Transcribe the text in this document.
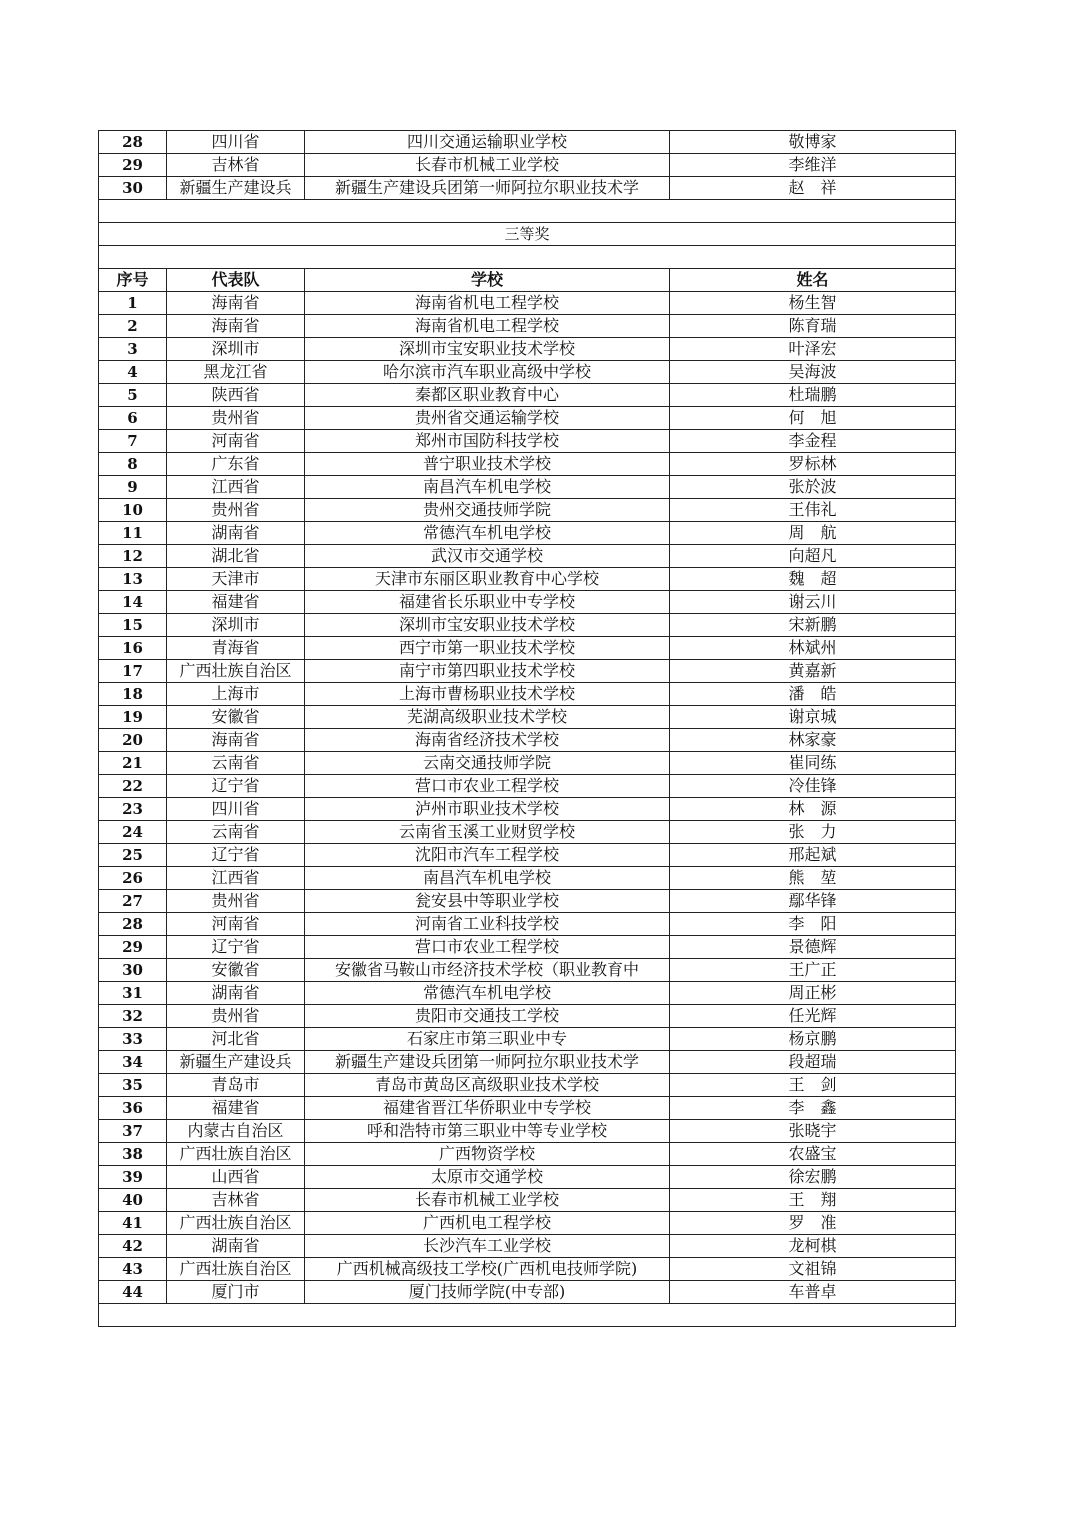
28	四川省	四川交通运输职业学校	敬博家
29	吉林省	长春市机械工业学校	李维洋
30	新疆生产建设兵	新疆生产建设兵团第一师阿拉尔职业技术学	赵　祥

三等奖			

序号	代表队	学校	姓名
1	海南省	海南省机电工程学校	杨生智
2	海南省	海南省机电工程学校	陈育瑞
3	深圳市	深圳市宝安职业技术学校	叶泽宏
4	黑龙江省	哈尔滨市汽车职业高级中学校	吴海波
5	陕西省	秦都区职业教育中心	杜瑞鹏
6	贵州省	贵州省交通运输学校	何　旭
7	河南省	郑州市国防科技学校	李金程
8	广东省	普宁职业技术学校	罗标林
9	江西省	南昌汽车机电学校	张於波
10	贵州省	贵州交通技师学院	王伟礼
11	湖南省	常德汽车机电学校	周　航
12	湖北省	武汉市交通学校	向超凡
13	天津市	天津市东丽区职业教育中心学校	魏　超
14	福建省	福建省长乐职业中专学校	谢云川
15	深圳市	深圳市宝安职业技术学校	宋新鹏
16	青海省	西宁市第一职业技术学校	林斌州
17	广西壮族自治区	南宁市第四职业技术学校	黄嘉新
18	上海市	上海市曹杨职业技术学校	潘　皓
19	安徽省	芜湖高级职业技术学校	谢京城
20	海南省	海南省经济技术学校	林家豪
21	云南省	云南交通技师学院	崔同练
22	辽宁省	营口市农业工程学校	冷佳锋
23	四川省	泸州市职业技术学校	林　源
24	云南省	云南省玉溪工业财贸学校	张　力
25	辽宁省	沈阳市汽车工程学校	邢起斌
26	江西省	南昌汽车机电学校	熊　堃
27	贵州省	瓮安县中等职业学校	鄢华锋
28	河南省	河南省工业科技学校	李　阳
29	辽宁省	营口市农业工程学校	景德辉
30	安徽省	安徽省马鞍山市经济技术学校（职业教育中	王广正
31	湖南省	常德汽车机电学校	周正彬
32	贵州省	贵阳市交通技工学校	任光辉
33	河北省	石家庄市第三职业中专	杨京鹏
34	新疆生产建设兵	新疆生产建设兵团第一师阿拉尔职业技术学	段超瑞
35	青岛市	青岛市黄岛区高级职业技术学校	王　剑
36	福建省	福建省晋江华侨职业中专学校	李　鑫
37	内蒙古自治区	呼和浩特市第三职业中等专业学校	张晓宇
38	广西壮族自治区	广西物资学校	农盛宝
39	山西省	太原市交通学校	徐宏鹏
40	吉林省	长春市机械工业学校	王　翔
41	广西壮族自治区	广西机电工程学校	罗　准
42	湖南省	长沙汽车工业学校	龙柯棋
43	广西壮族自治区	广西机械高级技工学校(广西机电技师学院)	文祖锦
44	厦门市	厦门技师学院(中专部)	车普卓
